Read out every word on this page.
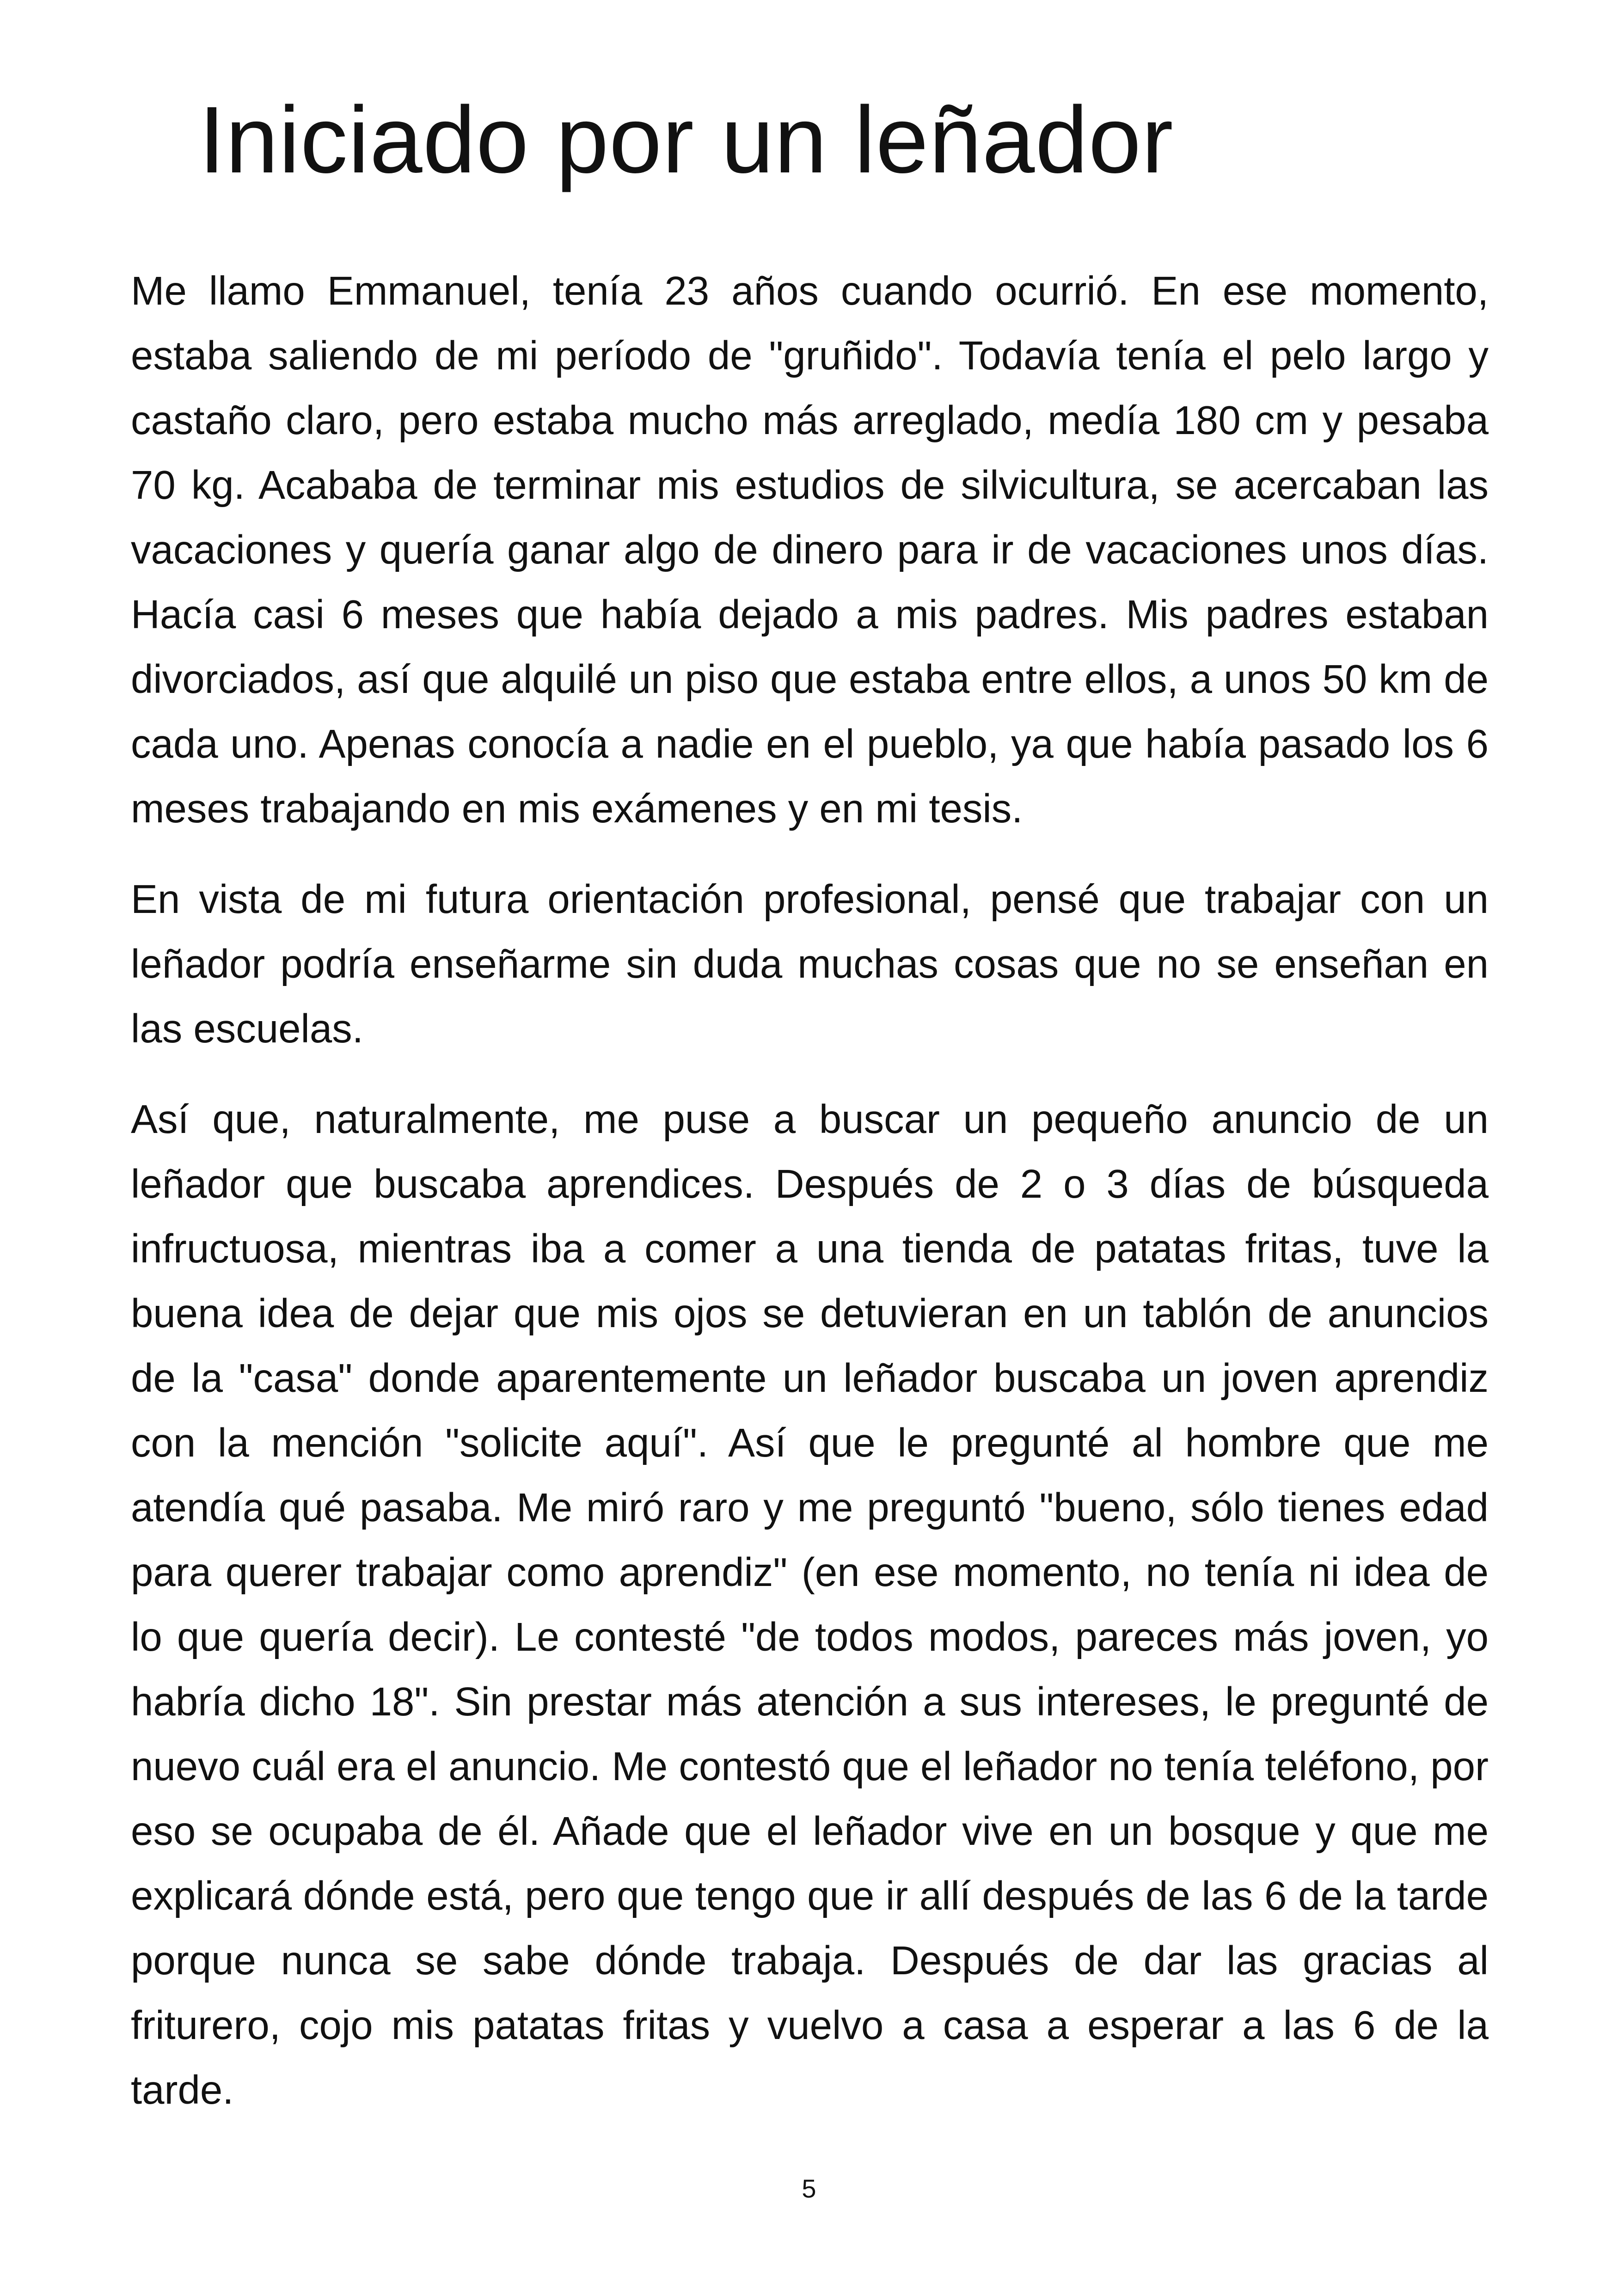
Iniciado por un leñador

Me llamo Emmanuel, tenía 23 años cuando ocurrió. En ese momento, estaba saliendo de mi período de "gruñido". Todavía tenía el pelo largo y castaño claro, pero estaba mucho más arreglado, medía 180 cm y pesaba 70 kg. Acababa de terminar mis estudios de silvicultura, se acercaban las vacaciones y quería ganar algo de dinero para ir de vacaciones unos días. Hacía casi 6 meses que había dejado a mis padres. Mis padres estaban divorciados, así que alquilé un piso que estaba entre ellos, a unos 50 km de cada uno. Apenas conocía a nadie en el pueblo, ya que había pasado los 6 meses trabajando en mis exámenes y en mi tesis.

En vista de mi futura orientación profesional, pensé que trabajar con un leñador podría enseñarme sin duda muchas cosas que no se enseñan en las escuelas.

Así que, naturalmente, me puse a buscar un pequeño anuncio de un leñador que buscaba aprendices. Después de 2 o 3 días de búsqueda infructuosa, mientras iba a comer a una tienda de patatas fritas, tuve la buena idea de dejar que mis ojos se detuvieran en un tablón de anuncios de la "casa" donde aparentemente un leñador buscaba un joven aprendiz con la mención "solicite aquí". Así que le pregunté al hombre que me atendía qué pasaba. Me miró raro y me preguntó "bueno, sólo tienes edad para querer trabajar como aprendiz" (en ese momento, no tenía ni idea de lo que quería decir). Le contesté "de todos modos, pareces más joven, yo habría dicho 18". Sin prestar más atención a sus intereses, le pregunté de nuevo cuál era el anuncio. Me contestó que el leñador no tenía teléfono, por eso se ocupaba de él. Añade que el leñador vive en un bosque y que me explicará dónde está, pero que tengo que ir allí después de las 6 de la tarde porque nunca se sabe dónde trabaja. Después de dar las gracias al friturero, cojo mis patatas fritas y vuelvo a casa a esperar a las 6 de la tarde.

5
